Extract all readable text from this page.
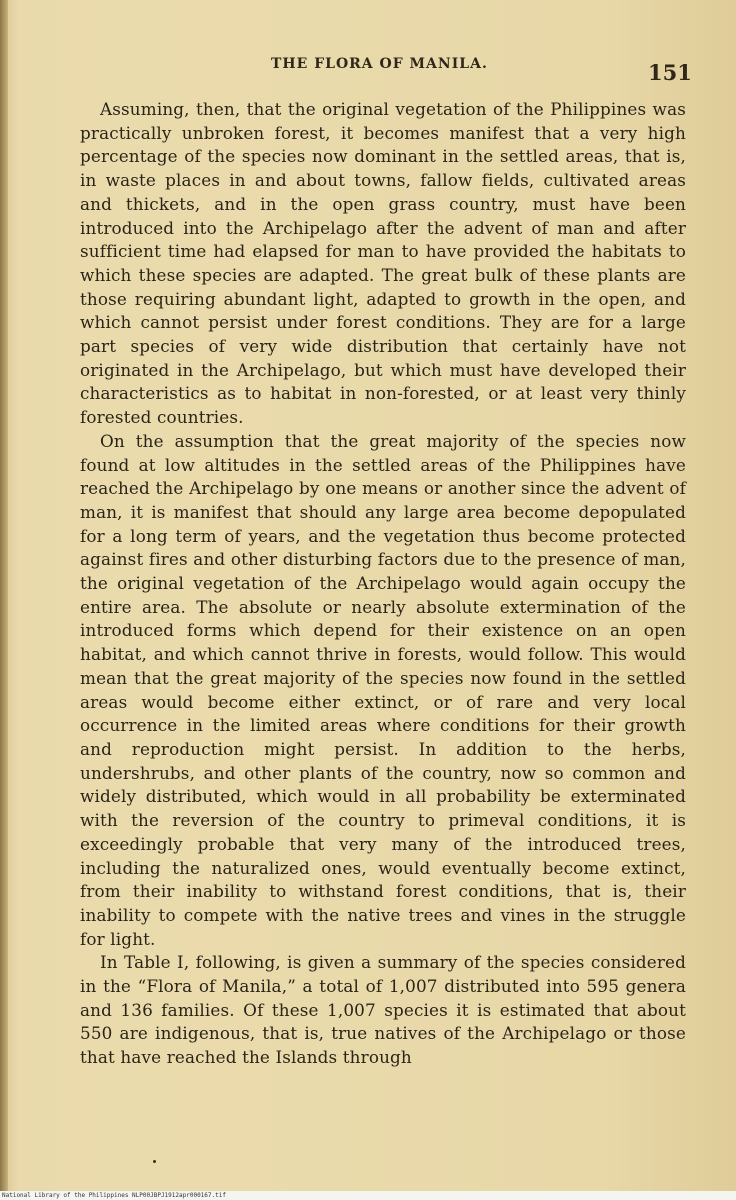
THE FLORA OF MANILA.	151

Assuming, then, that the original vegetation of the Philippines was practically unbroken forest, it becomes manifest that a very high percentage of the species now dominant in the settled areas, that is, in waste places in and about towns, fallow fields, cultivated areas and thickets, and in the open grass country, must have been introduced into the Archipelago after the advent of man and after sufficient time had elapsed for man to have provided the habitats to which these species are adapted. The great bulk of these plants are those requiring abundant light, adapted to growth in the open, and which cannot persist under forest conditions. They are for a large part species of very wide distribution that certainly have not originated in the Archipelago, but which must have developed their characteristics as to habitat in non-forested, or at least very thinly forested countries.

On the assumption that the great majority of the species now found at low altitudes in the settled areas of the Philippines have reached the Archipelago by one means or another since the advent of man, it is manifest that should any large area become depopulated for a long term of years, and the vegetation thus become protected against fires and other disturbing factors due to the presence of man, the original vegetation of the Archipelago would again occupy the entire area. The absolute or nearly absolute extermination of the introduced forms which depend for their existence on an open habitat, and which cannot thrive in forests, would follow. This would mean that the great majority of the species now found in the settled areas would become either extinct, or of rare and very local occurrence in the limited areas where conditions for their growth and reproduction might persist. In addition to the herbs, undershrubs, and other plants of the country, now so common and widely distributed, which would in all probability be exterminated with the reversion of the country to primeval conditions, it is exceedingly probable that very many of the introduced trees, including the naturalized ones, would eventually become extinct, from their inability to withstand forest conditions, that is, their inability to compete with the native trees and vines in the struggle for light.

In Table I, following, is given a summary of the species considered in the “Flora of Manila,” a total of 1,007 distributed into 595 genera and 136 families. Of these 1,007 species it is estimated that about 550 are indigenous, that is, true natives of the Archipelago or those that have reached the Islands through

National Library of the Philippines NLP00JBPJ1912apr000167.tif
